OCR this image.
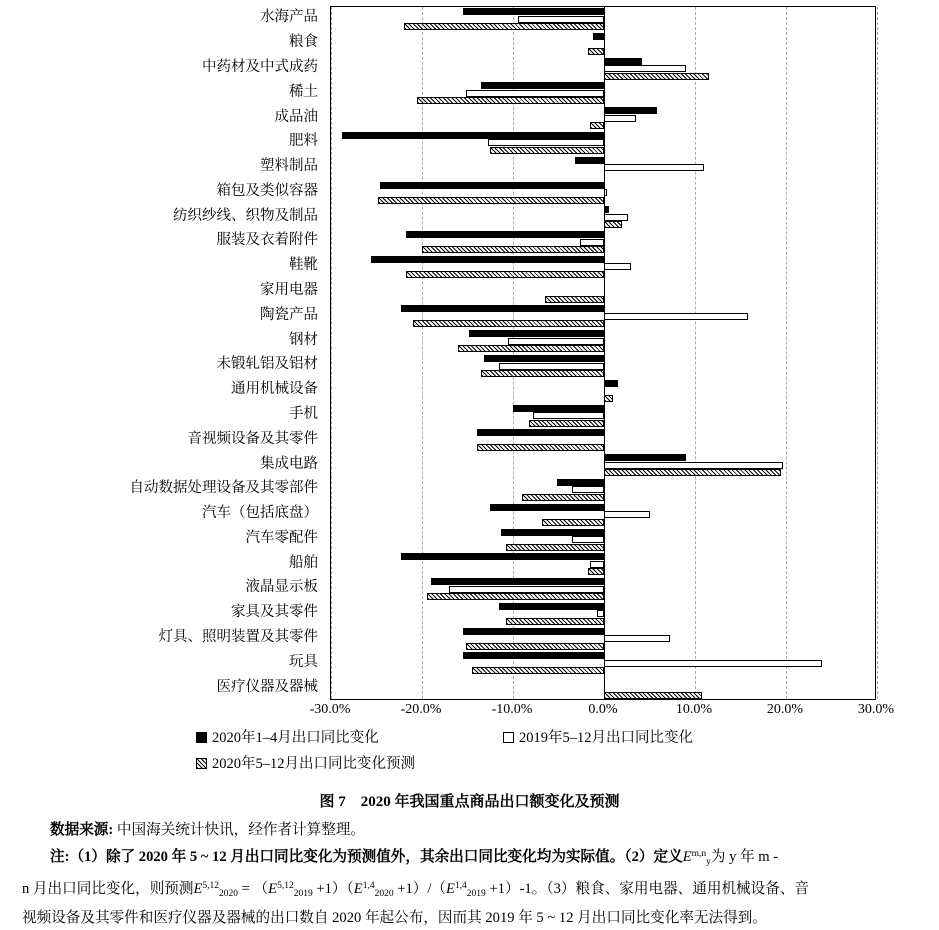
水海产品
粮食
中药材及中式成药
稀土
成品油
肥料
塑料制品
箱包及类似容器
纺织纱线、织物及制品
服装及衣着附件
鞋靴
家用电器
陶瓷产品
钢材
未锻轧铝及铝材
通用机械设备
手机
音视频设备及其零件
集成电路
自动数据处理设备及其零部件
汽车（包括底盘）
汽车零配件
船舶
液晶显示板
家具及其零件
灯具、照明装置及其零件
玩具
医疗仪器及器械
-30.0%	-20.0%	-10.0%	0.0%	10.0%	20.0%	30.0%
2020年1–4月出口同比变化	2019年5–12月出口同比变化
2020年5–12月出口同比变化预测
图 7　2020 年我国重点商品出口额变化及预测

数据来源: 中国海关统计快讯，经作者计算整理。

注:（1）除了 2020 年 5 ~ 12 月出口同比变化为预测值外，其余出口同比变化均为实际值。（2）定义E$^{m,n}_y$为 y 年 m -

n 月出口同比变化，则预测$E^{5,12}_{2020} = (E^{5,12}_{2019} +1)(E^{1,4}_{2020} +1)/(E^{1,4}_{2019} +1)-1$。（3）粮食、家用电器、通用机械设备、音

视频设备及其零件和医疗仪器及器械的出口数自 2020 年起公布，因而其 2019 年 5 ~ 12 月出口同比变化率无法得到。
